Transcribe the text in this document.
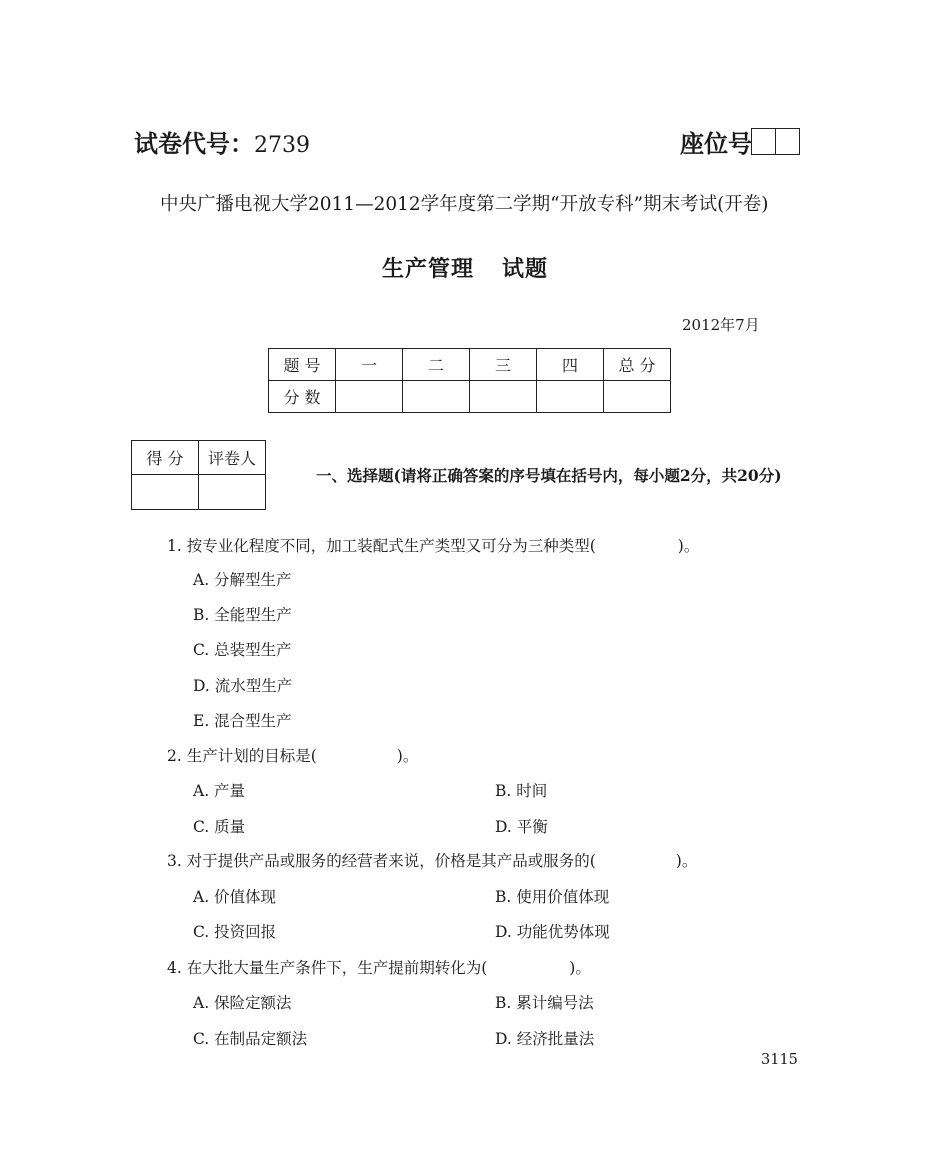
试卷代号：2739	座位号
中央广播电视大学2011—2012学年度第二学期“开放专科”期末考试(开卷)
生产管理 试题
2012年7月
题 号	一	二	三	四	总 分
分 数					
得 分	评卷人

一、选择题(请将正确答案的序号填在括号内，每小题2分，共20分)
1. 按专业化程度不同，加工装配式生产类型又可分为三种类型(	)。
A. 分解型生产
B. 全能型生产
C. 总装型生产
D. 流水型生产
E. 混合型生产
2. 生产计划的目标是(	)。
A. 产量	B. 时间
C. 质量	D. 平衡
3. 对于提供产品或服务的经营者来说，价格是其产品或服务的(	)。
A. 价值体现	B. 使用价值体现
C. 投资回报	D. 功能优势体现
4. 在大批大量生产条件下，生产提前期转化为(	)。
A. 保险定额法	B. 累计编号法
C. 在制品定额法	D. 经济批量法
3115
